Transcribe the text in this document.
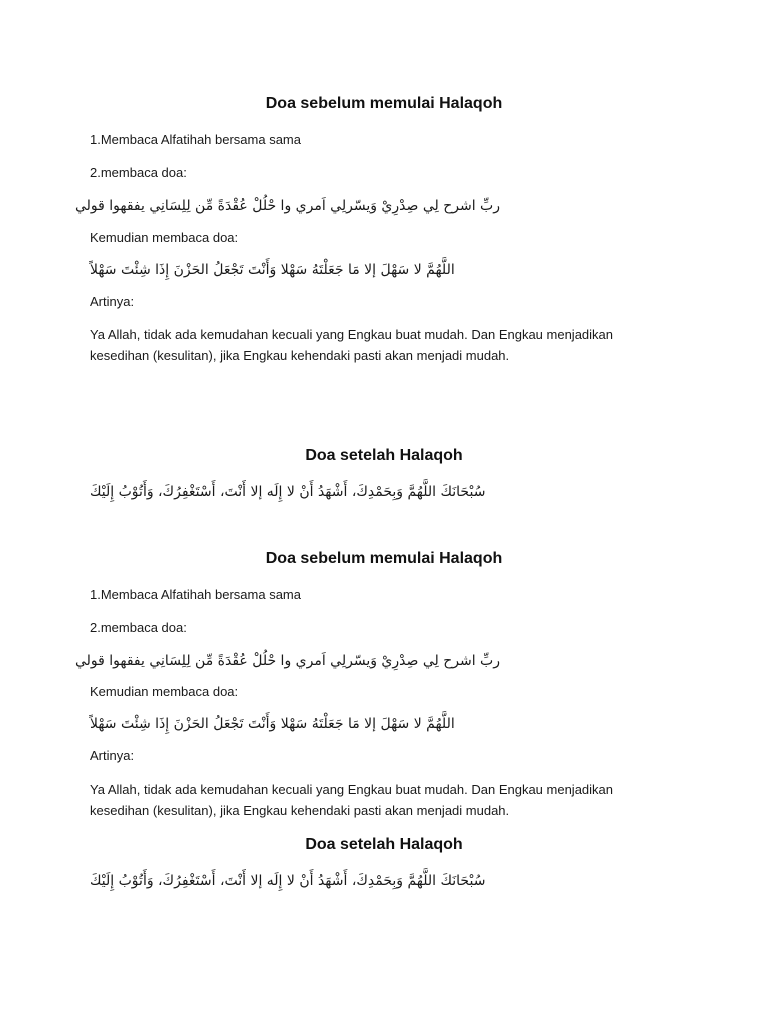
Doa sebelum memulai Halaqoh

1.Membaca Alfatihah bersama sama

2.membaca doa:

ربِّ اشرح لِي صِدْرِيْ وَيسّرلِي اَمري وا حْلُلْ عُقْدَةً مِّن لِلِسَانِي يفقهوا قولي

Kemudian membaca doa:

اللَّهُمَّ لا سَهْلَ إلا مَا جَعَلْتَهُ سَهْلا وَأَنْتَ تَجْعَلُ الحَزْنَ إِذَا شِئْتَ سَهْلاً

Artinya:

Ya Allah, tidak ada kemudahan kecuali yang Engkau buat mudah. Dan Engkau menjadikan kesedihan (kesulitan), jika Engkau kehendaki pasti akan menjadi mudah.

Doa setelah Halaqoh

سُبْحَانَكَ اللَّهُمَّ وَبِحَمْدِكَ، أَشْهَدُ أَنْ لا إِلَه إلا أَنْتَ، أَسْتَغْفِرُكَ، وَأَتُوْبُ إِلَيْكَ

Doa sebelum memulai Halaqoh

1.Membaca Alfatihah bersama sama

2.membaca doa:

ربِّ اشرح لِي صِدْرِيْ وَيسّرلِي اَمري وا حْلُلْ عُقْدَةً مِّن لِلِسَانِي يفقهوا قولي

Kemudian membaca doa:

اللَّهُمَّ لا سَهْلَ إلا مَا جَعَلْتَهُ سَهْلا وَأَنْتَ تَجْعَلُ الحَزْنَ إِذَا شِئْتَ سَهْلاً

Artinya:

Ya Allah, tidak ada kemudahan kecuali yang Engkau buat mudah. Dan Engkau menjadikan kesedihan (kesulitan), jika Engkau kehendaki pasti akan menjadi mudah.

Doa setelah Halaqoh

سُبْحَانَكَ اللَّهُمَّ وَبِحَمْدِكَ، أَشْهَدُ أَنْ لا إِلَه إلا أَنْتَ، أَسْتَغْفِرُكَ، وَأَتُوْبُ إِلَيْكَ
